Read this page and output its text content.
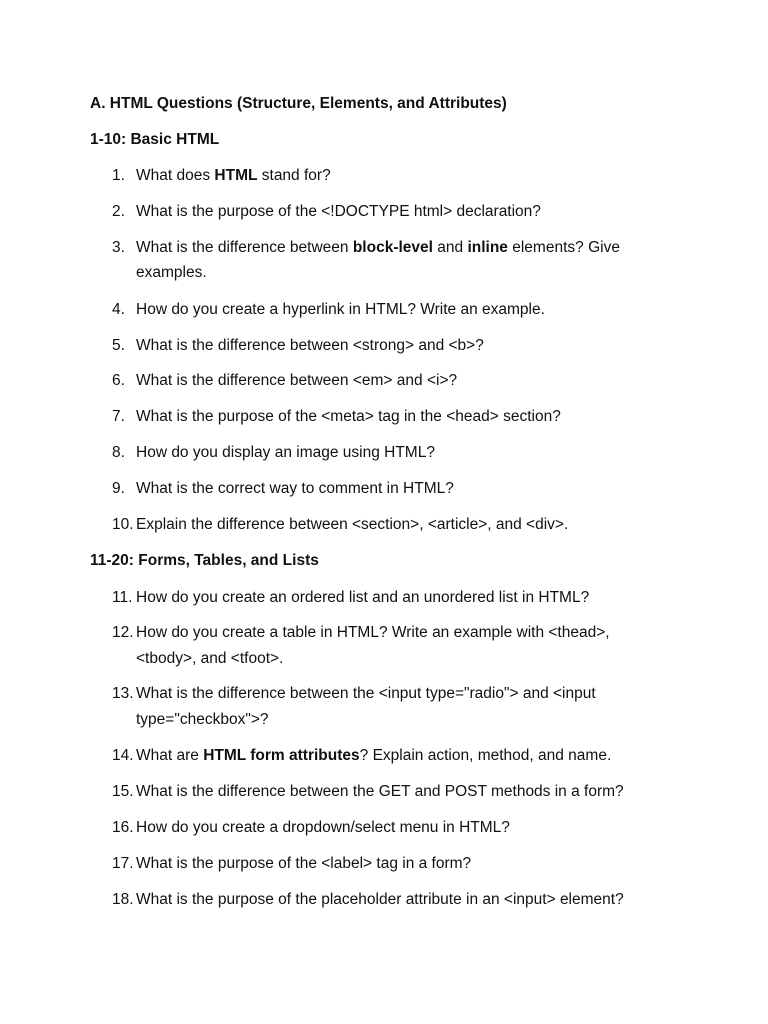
A. HTML Questions (Structure, Elements, and Attributes)
1-10: Basic HTML
1. What does HTML stand for?
2. What is the purpose of the <!DOCTYPE html> declaration?
3. What is the difference between block-level and inline elements? Give
examples.
4. How do you create a hyperlink in HTML? Write an example.
5. What is the difference between <strong> and <b>?
6. What is the difference between <em> and <i>?
7. What is the purpose of the <meta> tag in the <head> section?
8. How do you display an image using HTML?
9. What is the correct way to comment in HTML?
10. Explain the difference between <section>, <article>, and <div>.
11-20: Forms, Tables, and Lists
11. How do you create an ordered list and an unordered list in HTML?
12. How do you create a table in HTML? Write an example with <thead>,
<tbody>, and <tfoot>.
13. What is the difference between the <input type="radio"> and <input
type="checkbox">?
14. What are HTML form attributes? Explain action, method, and name.
15. What is the difference between the GET and POST methods in a form?
16. How do you create a dropdown/select menu in HTML?
17. What is the purpose of the <label> tag in a form?
18. What is the purpose of the placeholder attribute in an <input> element?
